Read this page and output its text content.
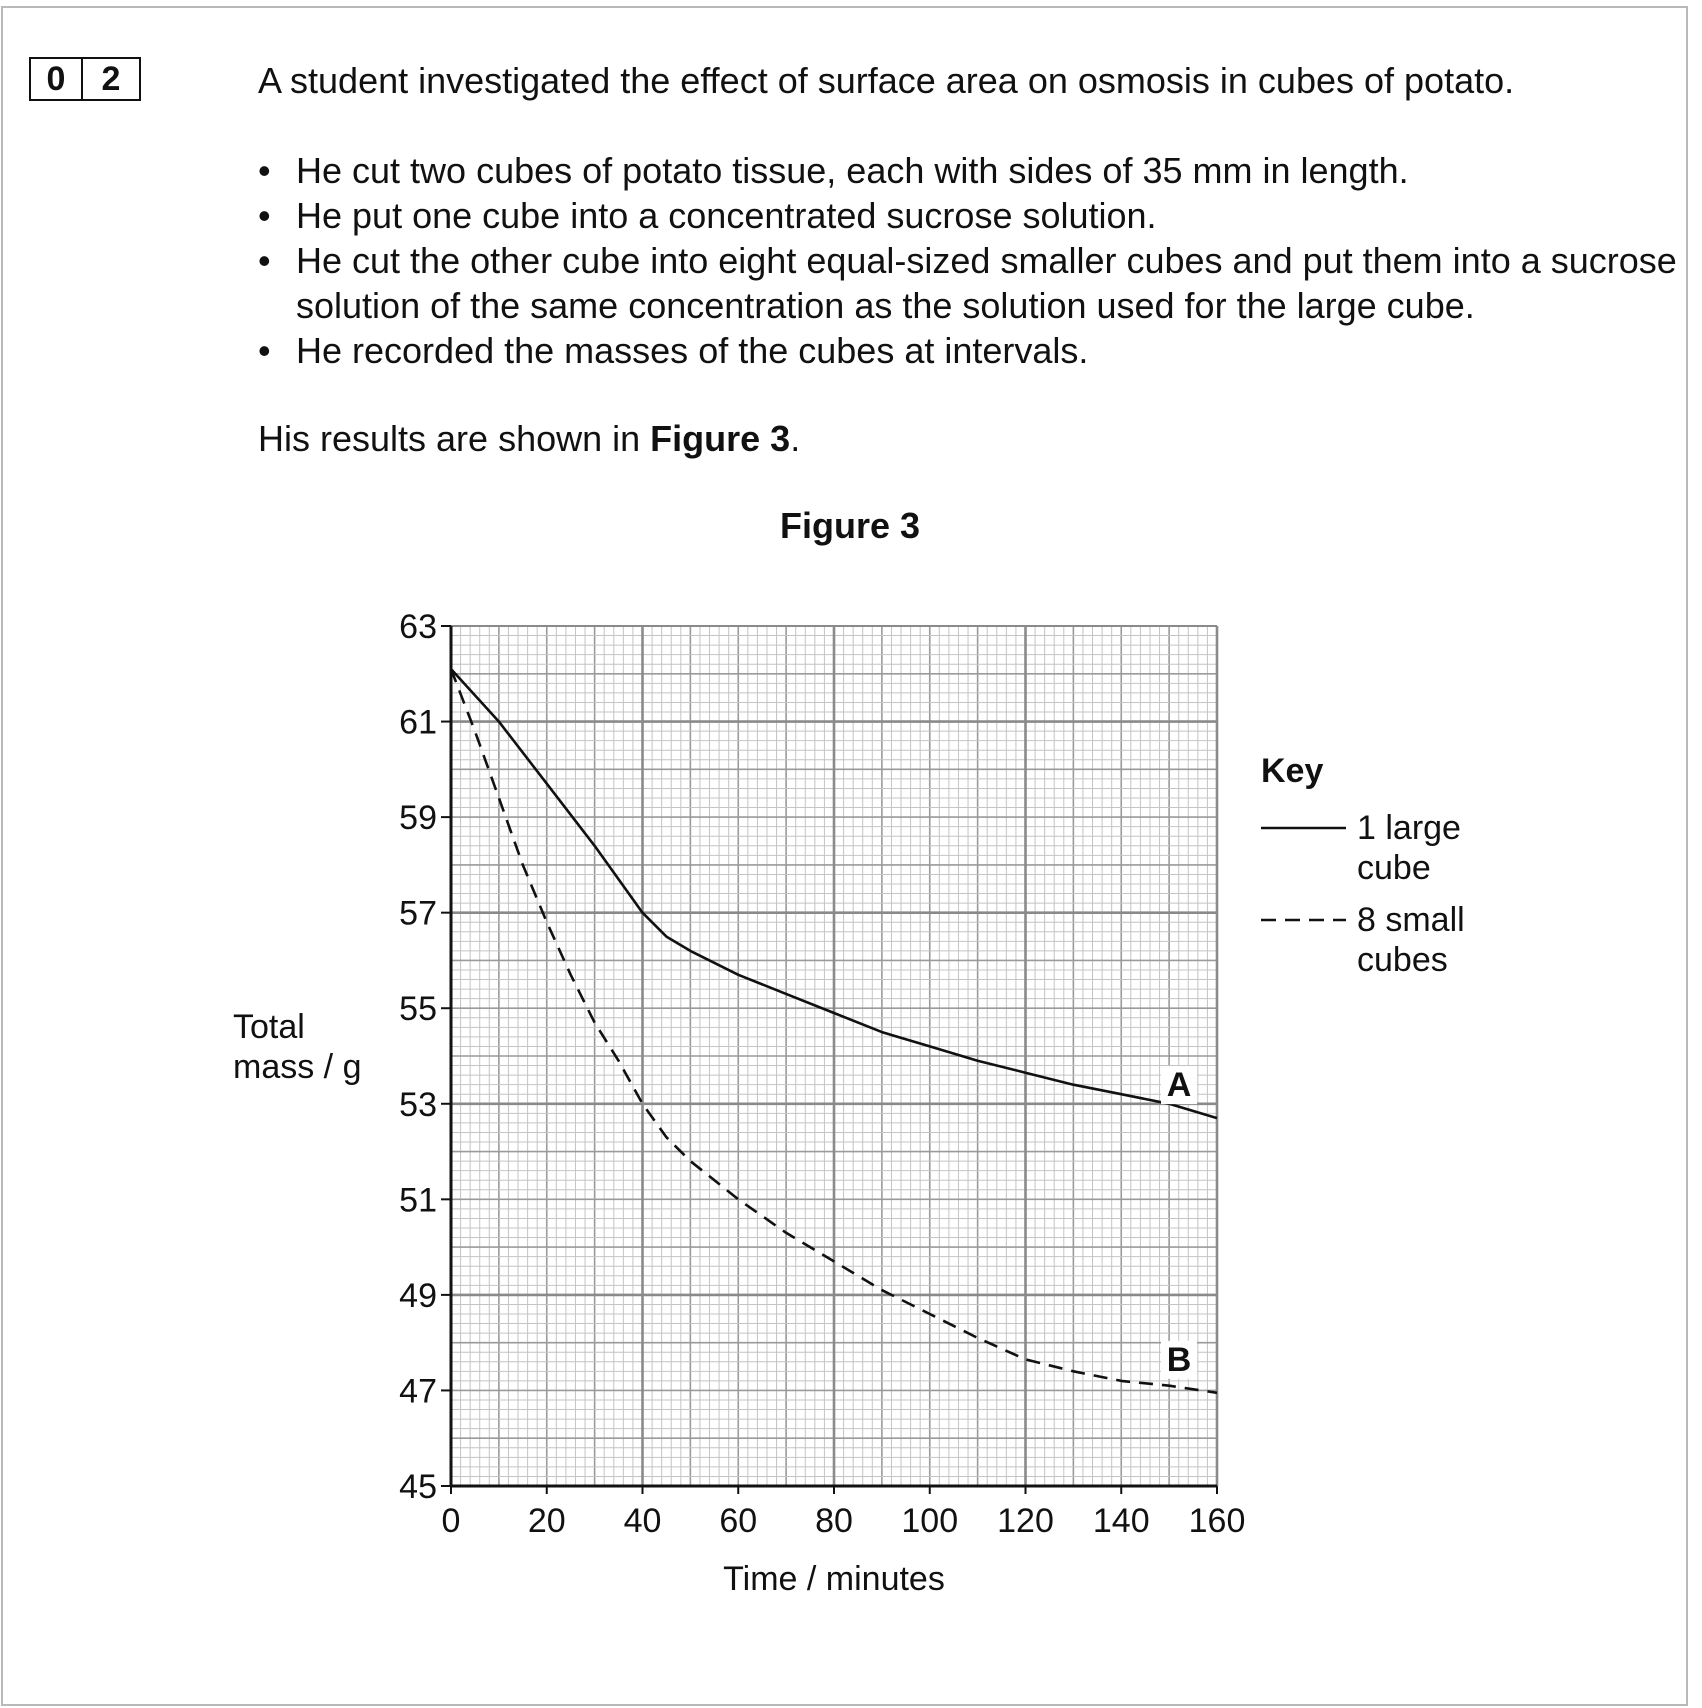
0	2	A student investigated the effect of surface area on osmosis in cubes of potato.

• He cut two cubes of potato tissue, each with sides of 35 mm in length.
• He put one cube into a concentrated sucrose solution.
• He cut the other cube into eight equal-sized smaller cubes and put them into a sucrose solution of the same concentration as the solution used for the large cube.
• He recorded the masses of the cubes at intervals.

His results are shown in Figure 3.

Figure 3
45
47
49
51
53
55
57
59
61
63
0 20 40 60 80 100 120 140 160
A
B
Time / minutes
Total
mass / g
Key
1 large
cube
8 small
cubes
